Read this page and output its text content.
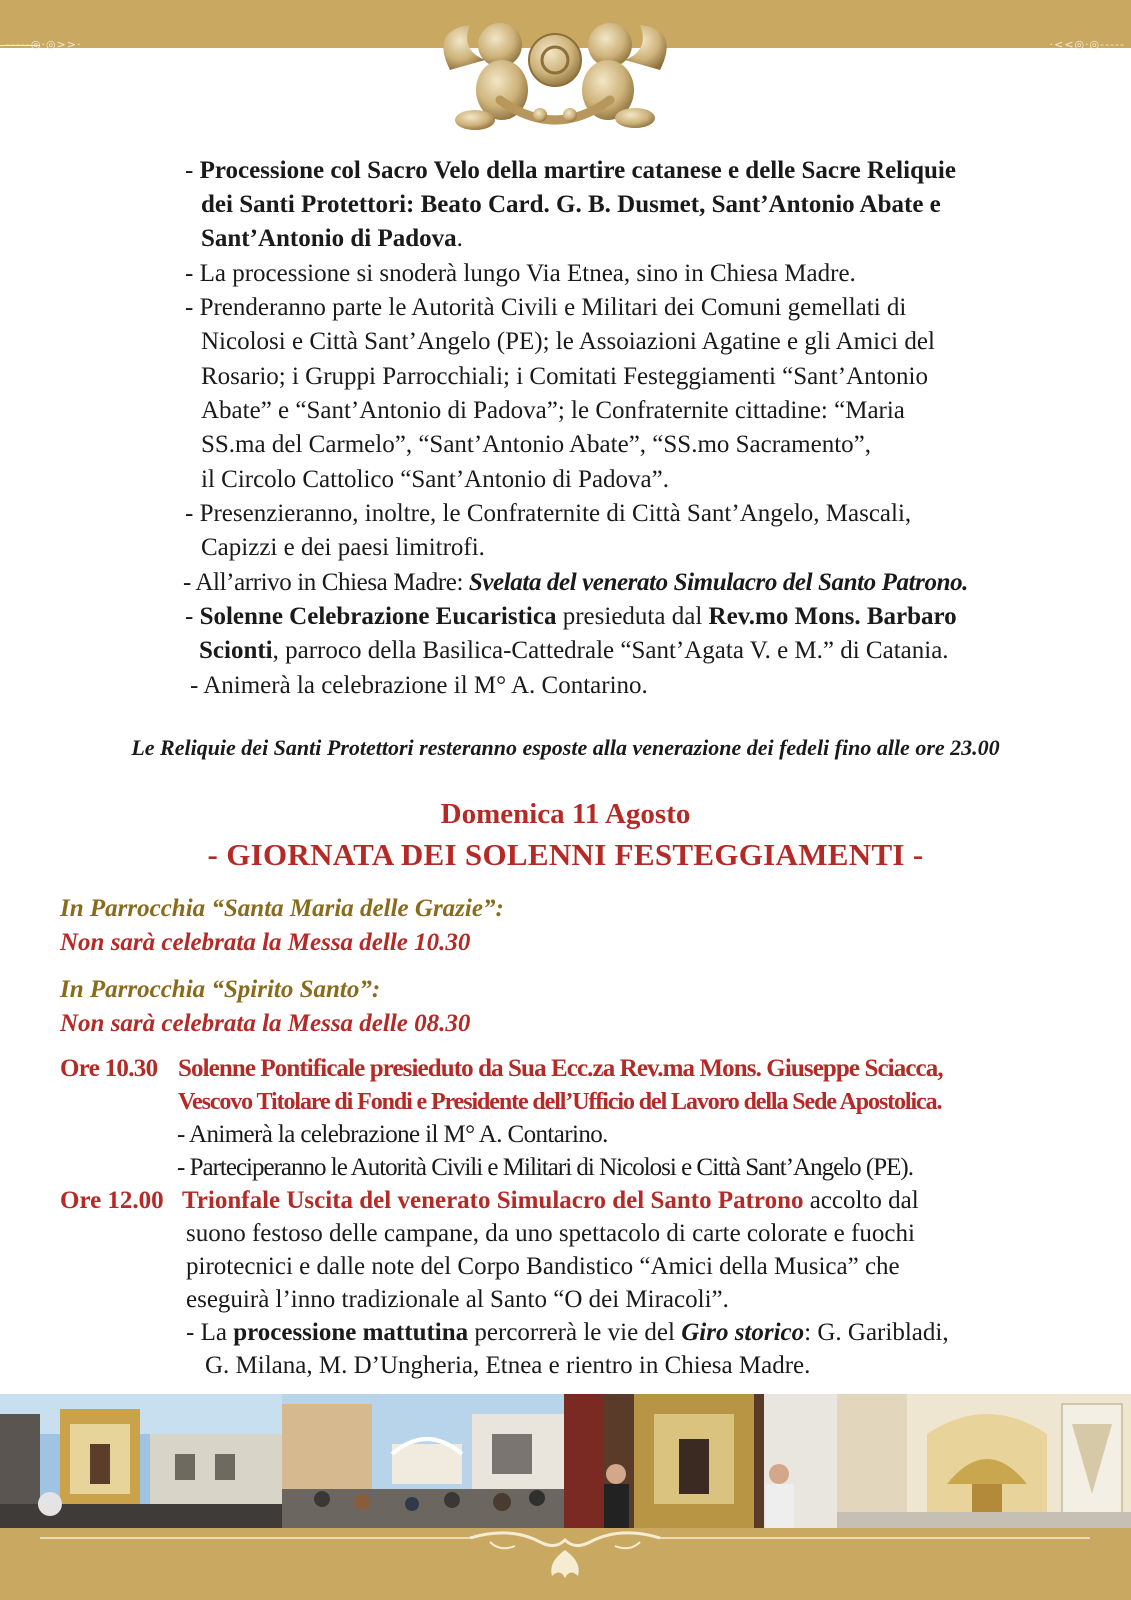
-----◎·◎>>·	·<<◎·◎-----
- Processione col Sacro Velo della martire catanese e delle Sacre Reliquie
dei Santi Protettori: Beato Card. G. B. Dusmet, Sant’Antonio Abate e
Sant’Antonio di Padova.
- La processione si snoderà lungo Via Etnea, sino in Chiesa Madre.
- Prenderanno parte le Autorità Civili e Militari dei Comuni gemellati di
Nicolosi e Città Sant’Angelo (PE); le Assoiazioni Agatine e gli Amici del
Rosario; i Gruppi Parrocchiali; i Comitati Festeggiamenti “Sant’Antonio
Abate” e “Sant’Antonio di Padova”; le Confraternite cittadine: “Maria
SS.ma del Carmelo”, “Sant’Antonio Abate”, “SS.mo Sacramento”,
il Circolo Cattolico “Sant’Antonio di Padova”.
- Presenzieranno, inoltre, le Confraternite di Città Sant’Angelo, Mascali,
Capizzi e dei paesi limitrofi.
- All’arrivo in Chiesa Madre: Svelata del venerato Simulacro del Santo Patrono.
- Solenne Celebrazione Eucaristica presieduta dal Rev.mo Mons. Barbaro
Scionti, parroco della Basilica-Cattedrale “Sant’Agata V. e M.” di Catania.
- Animerà la celebrazione il M° A. Contarino.
Le Reliquie dei Santi Protettori resteranno esposte alla venerazione dei fedeli fino alle ore 23.00
Domenica 11 Agosto
- GIORNATA DEI SOLENNI FESTEGGIAMENTI -
In Parrocchia “Santa Maria delle Grazie”:
Non sarà celebrata la Messa delle 10.30
In Parrocchia “Spirito Santo”:
Non sarà celebrata la Messa delle 08.30
Ore 10.30 Solenne Pontificale presieduto da Sua Ecc.za Rev.ma Mons. Giuseppe Sciacca,
Vescovo Titolare di Fondi e Presidente dell’Ufficio del Lavoro della Sede Apostolica.
- Animerà la celebrazione il M° A. Contarino.
- Parteciperanno le Autorità Civili e Militari di Nicolosi e Città Sant’Angelo (PE).
Ore 12.00 Trionfale Uscita del venerato Simulacro del Santo Patrono accolto dal
suono festoso delle campane, da uno spettacolo di carte colorate e fuochi
pirotecnici e dalle note del Corpo Bandistico “Amici della Musica” che
eseguirà l’inno tradizionale al Santo “O dei Miracoli”.
- La processione mattutina percorrerà le vie del Giro storico: G. Garibladi,
G. Milana, M. D’Ungheria, Etnea e rientro in Chiesa Madre.
